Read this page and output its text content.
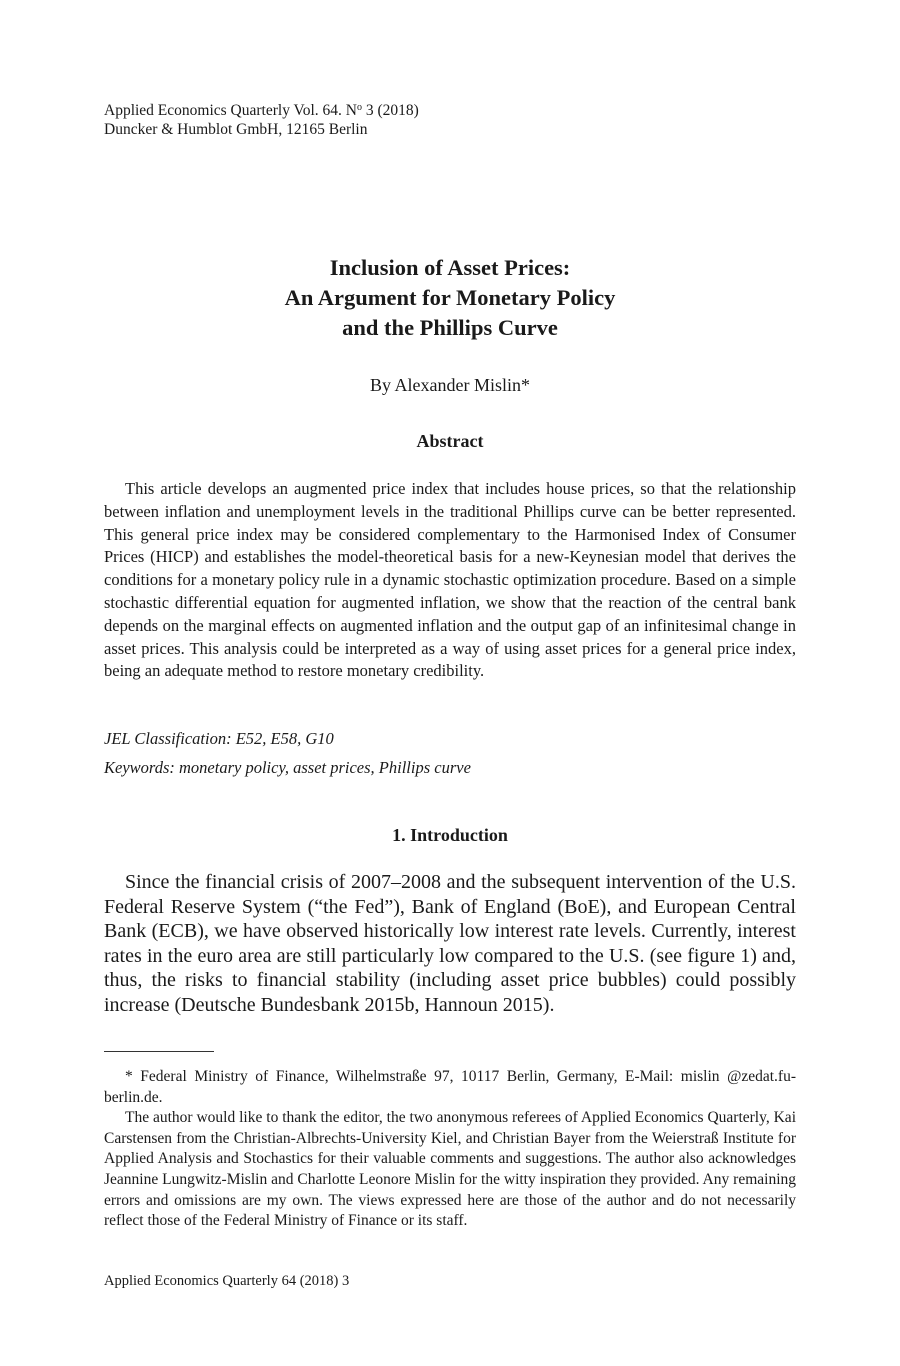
Applied Economics Quarterly Vol. 64. $N^o$ 3 (2018)
Duncker & Humblot GmbH, 12165 Berlin
Inclusion of Asset Prices:
An Argument for Monetary Policy
and the Phillips Curve
By Alexander Mislin*
Abstract

This article develops an augmented price index that includes house prices, so that the relationship between inflation and unemployment levels in the traditional Phillips curve can be better represented. This general price index may be considered complementary to the Harmonised Index of Consumer Prices (HICP) and establishes the model-theoretical basis for a new-Keynesian model that derives the conditions for a monetary policy rule in a dynamic stochastic optimization procedure. Based on a simple stochastic differential equation for augmented inflation, we show that the reaction of the central bank depends on the marginal effects on augmented inflation and the output gap of an infinitesimal change in asset prices. This analysis could be interpreted as a way of using asset prices for a general price index, being an adequate method to restore monetary credibility.

JEL Classification: E52, E58, G10
Keywords: monetary policy, asset prices, Phillips curve
1. Introduction

Since the financial crisis of 2007–2008 and the subsequent intervention of the U.S. Federal Reserve System (“the Fed”), Bank of England (BoE), and European Central Bank (ECB), we have observed historically low interest rate levels. Currently, interest rates in the euro area are still particularly low compared to the U.S. (see figure 1) and, thus, the risks to financial stability (including asset price bubbles) could possibly increase (Deutsche Bundesbank 2015b, Hannoun 2015).

* Federal Ministry of Finance, Wilhelmstraße 97, 10117 Berlin, Germany, E-Mail: mislin @zedat.fu-berlin.de.

The author would like to thank the editor, the two anonymous referees of Applied Economics Quarterly, Kai Carstensen from the Christian-Albrechts-University Kiel, and Christian Bayer from the Weierstraß Institute for Applied Analysis and Stochastics for their valuable comments and suggestions. The author also acknowledges Jeannine Lungwitz-Mislin and Charlotte Leonore Mislin for the witty inspiration they provided. Any remaining errors and omissions are my own. The views expressed here are those of the author and do not necessarily reflect those of the Federal Ministry of Finance or its staff.

Applied Economics Quarterly 64 (2018) 3
